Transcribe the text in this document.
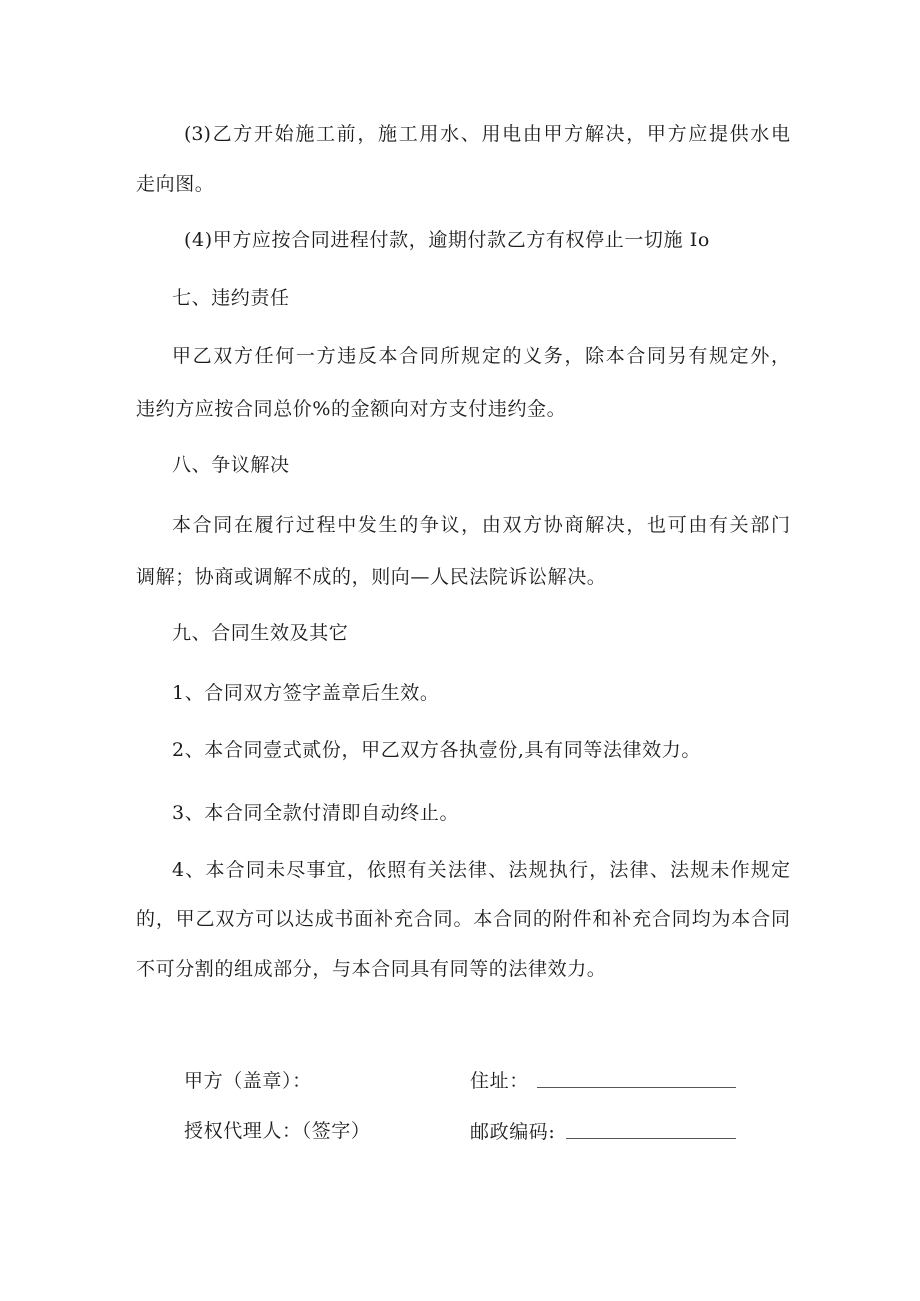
(3)乙方开始施工前，施工用水、用电由甲方解决，甲方应提供水电

走向图。

(4)甲方应按合同进程付款，逾期付款乙方有权停止一切施 Io

七、违约责任

甲乙双方任何一方违反本合同所规定的义务，除本合同另有规定外，

违约方应按合同总价%的金额向对方支付违约金。

八、争议解决

本合同在履行过程中发生的争议，由双方协商解决，也可由有关部门

调解；协商或调解不成的，则向—人民法院诉讼解决。

九、合同生效及其它

1、合同双方签字盖章后生效。

2、本合同壹式贰份，甲乙双方各执壹份,具有同等法律效力。

3、本合同全款付清即自动终止。

4、本合同未尽事宜，依照有关法律、法规执行，法律、法规未作规定

的，甲乙双方可以达成书面补充合同。本合同的附件和补充合同均为本合同

不可分割的组成部分，与本合同具有同等的法律效力。

甲方（盖章）：	住址：
授权代理人：（签字）	邮政编码:
